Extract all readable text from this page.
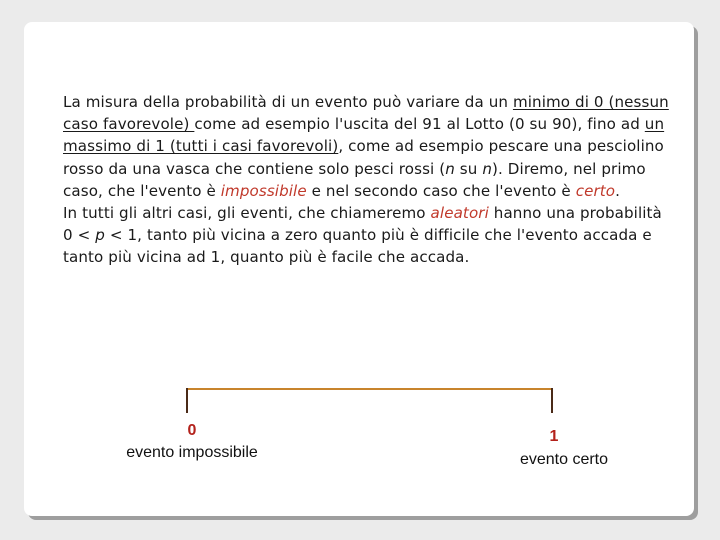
La misura della probabilità di un evento può variare da un minimo di 0 (nessun caso favorevole) come ad esempio l'uscita del 91 al Lotto (0 su 90), fino ad un massimo di 1 (tutti i casi favorevoli), come ad esempio pescare una pesciolino rosso da una vasca che contiene solo pesci rossi (n su n). Diremo, nel primo caso, che l'evento è impossibile e nel secondo caso che l'evento è certo.

In tutti gli altri casi, gli eventi, che chiameremo aleatori hanno una probabilità 0 < p < 1, tanto più vicina a zero quanto più è difficile che l'evento accada e tanto più vicina ad 1, quanto più è facile che accada.

0
evento impossibile
1
evento certo
